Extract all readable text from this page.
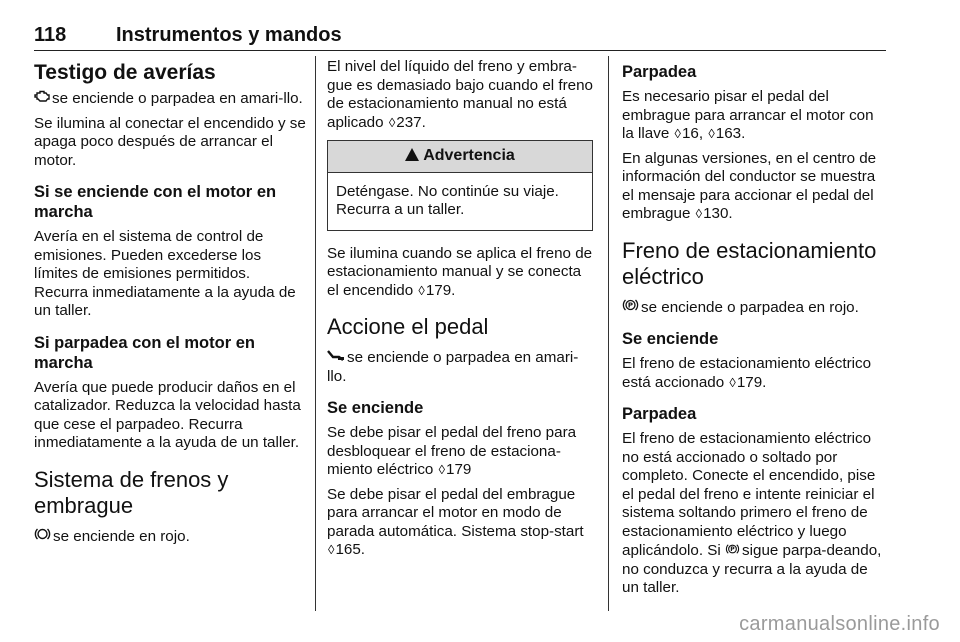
118 Instrumentos y mandos
Testigo de averías

se enciende o parpadea en amari-llo.

Se ilumina al conectar el encendido y se apaga poco después de arrancar el motor.

Si se enciende con el motor en marcha

Avería en el sistema de control de emisiones. Pueden excederse los límites de emisiones permitidos. Recurra inmediatamente a la ayuda de un taller.

Si parpadea con el motor en marcha

Avería que puede producir daños en el catalizador. Reduzca la velocidad hasta que cese el parpadeo. Recurra inmediatamente a la ayuda de un taller.

Sistema de frenos y embrague

se enciende en rojo.

El nivel del líquido del freno y embra-gue es demasiado bajo cuando el freno de estacionamiento manual no está aplicado ◊237.

Advertencia
Deténgase. No continúe su viaje. Recurra a un taller.

Se ilumina cuando se aplica el freno de estacionamiento manual y se conecta el encendido ◊179.

Accione el pedal

se enciende o parpadea en amari-llo.

Se enciende

Se debe pisar el pedal del freno para desbloquear el freno de estaciona-miento eléctrico ◊179

Se debe pisar el pedal del embrague para arrancar el motor en modo de parada automática. Sistema stop-start ◊165.

Parpadea

Es necesario pisar el pedal del embrague para arrancar el motor con la llave ◊16, ◊163.

En algunas versiones, en el centro de información del conductor se muestra el mensaje para accionar el pedal del embrague ◊130.

Freno de estacionamiento eléctrico

P se enciende o parpadea en rojo.

Se enciende

El freno de estacionamiento eléctrico está accionado ◊179.

Parpadea

El freno de estacionamiento eléctrico no está accionado o soltado por completo. Conecte el encendido, pise el pedal del freno e intente reiniciar el sistema soltando primero el freno de estacionamiento eléctrico y luego aplicándolo. Si P sigue parpa-deando, no conduzca y recurra a la ayuda de un taller.

carmanualsonline.info
